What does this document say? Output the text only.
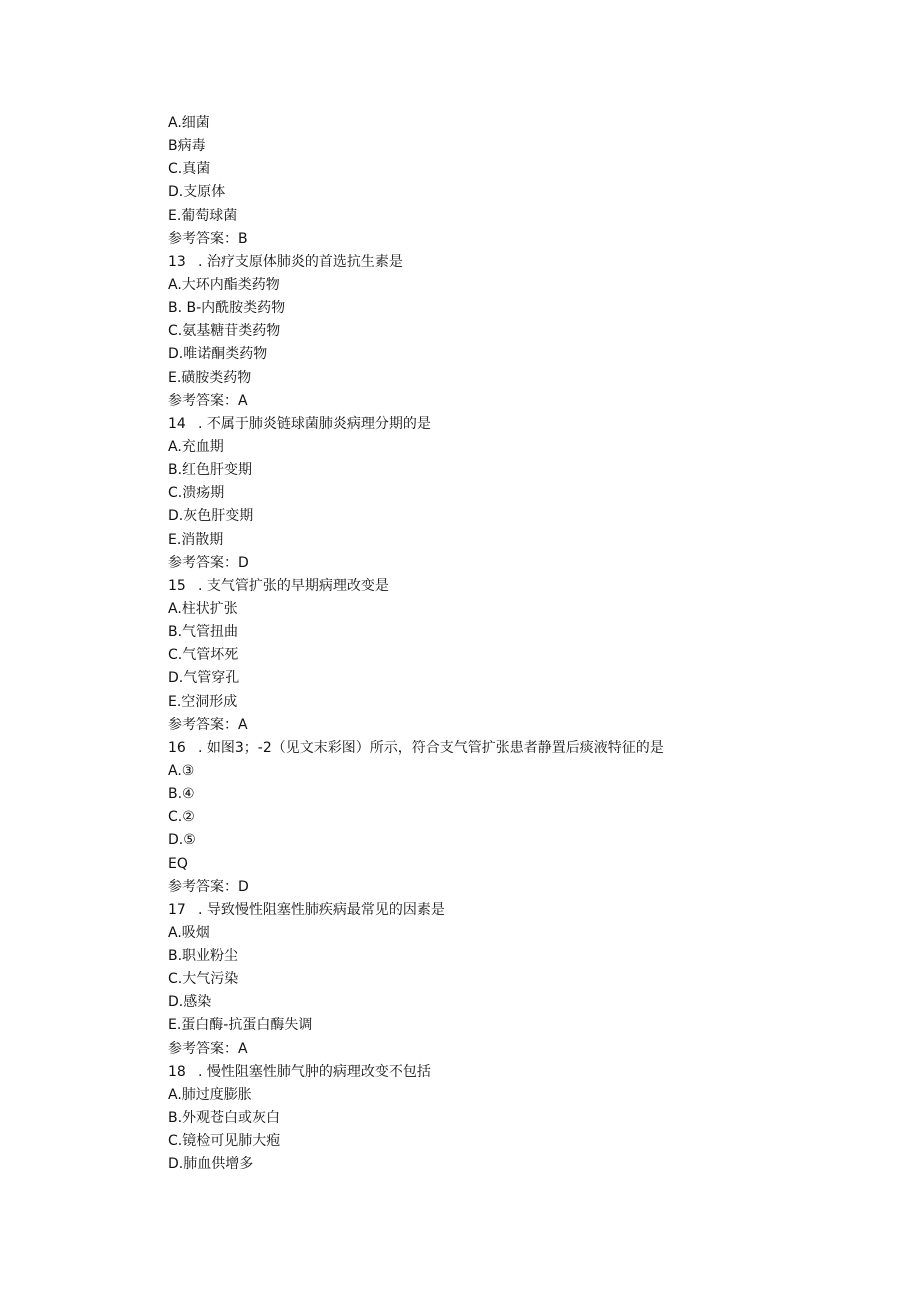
A.细菌
B病毒
C.真菌
D.支原体
E.葡萄球菌
参考答案：B
13 . 治疗支原体肺炎的首选抗生素是
A.大环内酯类药物
B. B-内酰胺类药物
C.氨基糖苷类药物
D.唯诺酮类药物
E.磺胺类药物
参考答案：A
14 . 不属于肺炎链球菌肺炎病理分期的是
A.充血期
B.红色肝变期
C.溃疡期
D.灰色肝变期
E.消散期
参考答案：D
15 . 支气管扩张的早期病理改变是
A.柱状扩张
B.气管扭曲
C.气管坏死
D.气管穿孔
E.空洞形成
参考答案：A
16 . 如图3；-2（见文末彩图）所示，符合支气管扩张患者静置后痰液特征的是
A.③
B.④
C.②
D.⑤
EQ
参考答案：D
17 . 导致慢性阻塞性肺疾病最常见的因素是
A.吸烟
B.职业粉尘
C.大气污染
D.感染
E.蛋白酶-抗蛋白酶失调
参考答案：A
18 . 慢性阻塞性肺气肿的病理改变不包括
A.肺过度膨胀
B.外观苍白或灰白
C.镜检可见肺大疱
D.肺血供增多
